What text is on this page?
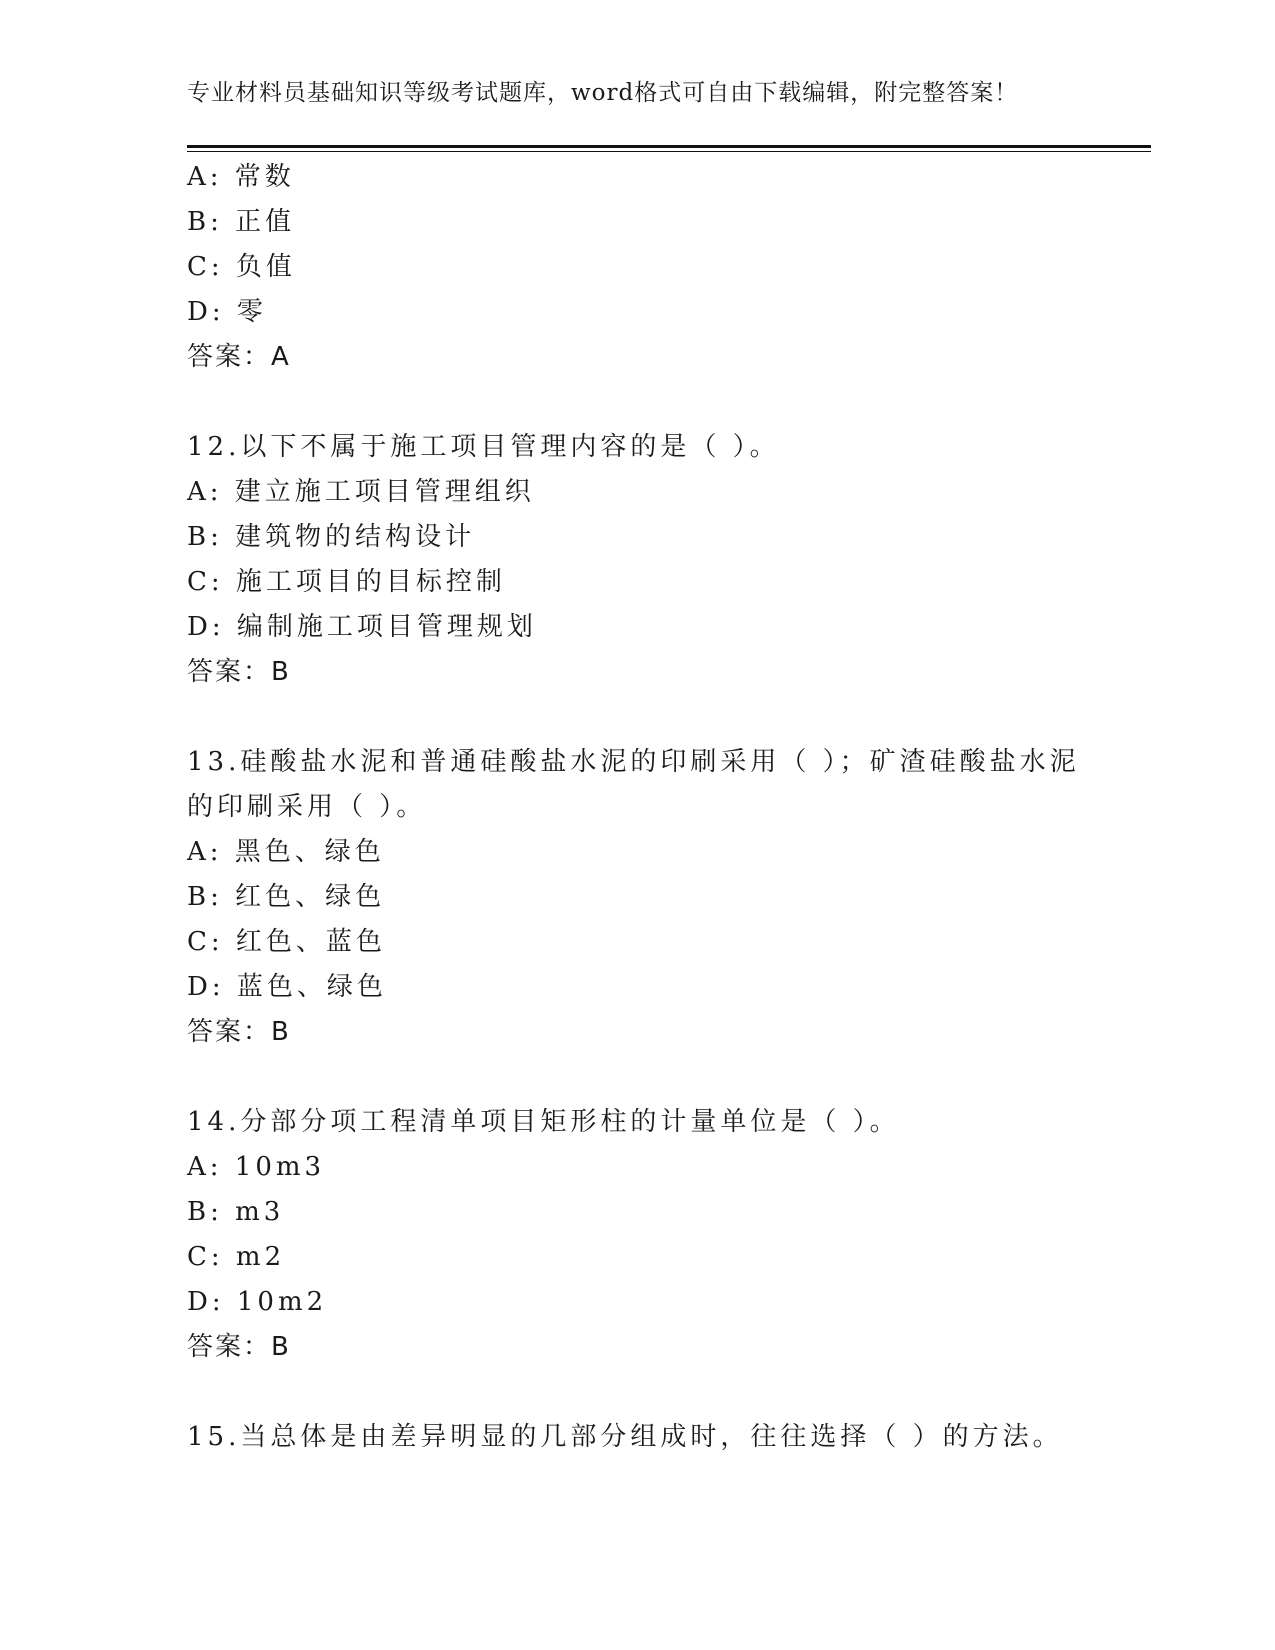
专业材料员基础知识等级考试题库，word格式可自由下载编辑，附完整答案！
A: 常数
B: 正值
C: 负值
D: 零
答案：A
12.以下不属于施工项目管理内容的是（ ）。
A: 建立施工项目管理组织
B: 建筑物的结构设计
C: 施工项目的目标控制
D: 编制施工项目管理规划
答案：B
13.硅酸盐水泥和普通硅酸盐水泥的印刷采用（ ）；矿渣硅酸盐水泥
的印刷采用（ ）。
A: 黑色、绿色
B: 红色、绿色
C: 红色、蓝色
D: 蓝色、绿色
答案：B
14.分部分项工程清单项目矩形柱的计量单位是（ ）。
A: 10m3
B: m3
C: m2
D: 10m2
答案：B
15.当总体是由差异明显的几部分组成时，往往选择（ ）的方法。
